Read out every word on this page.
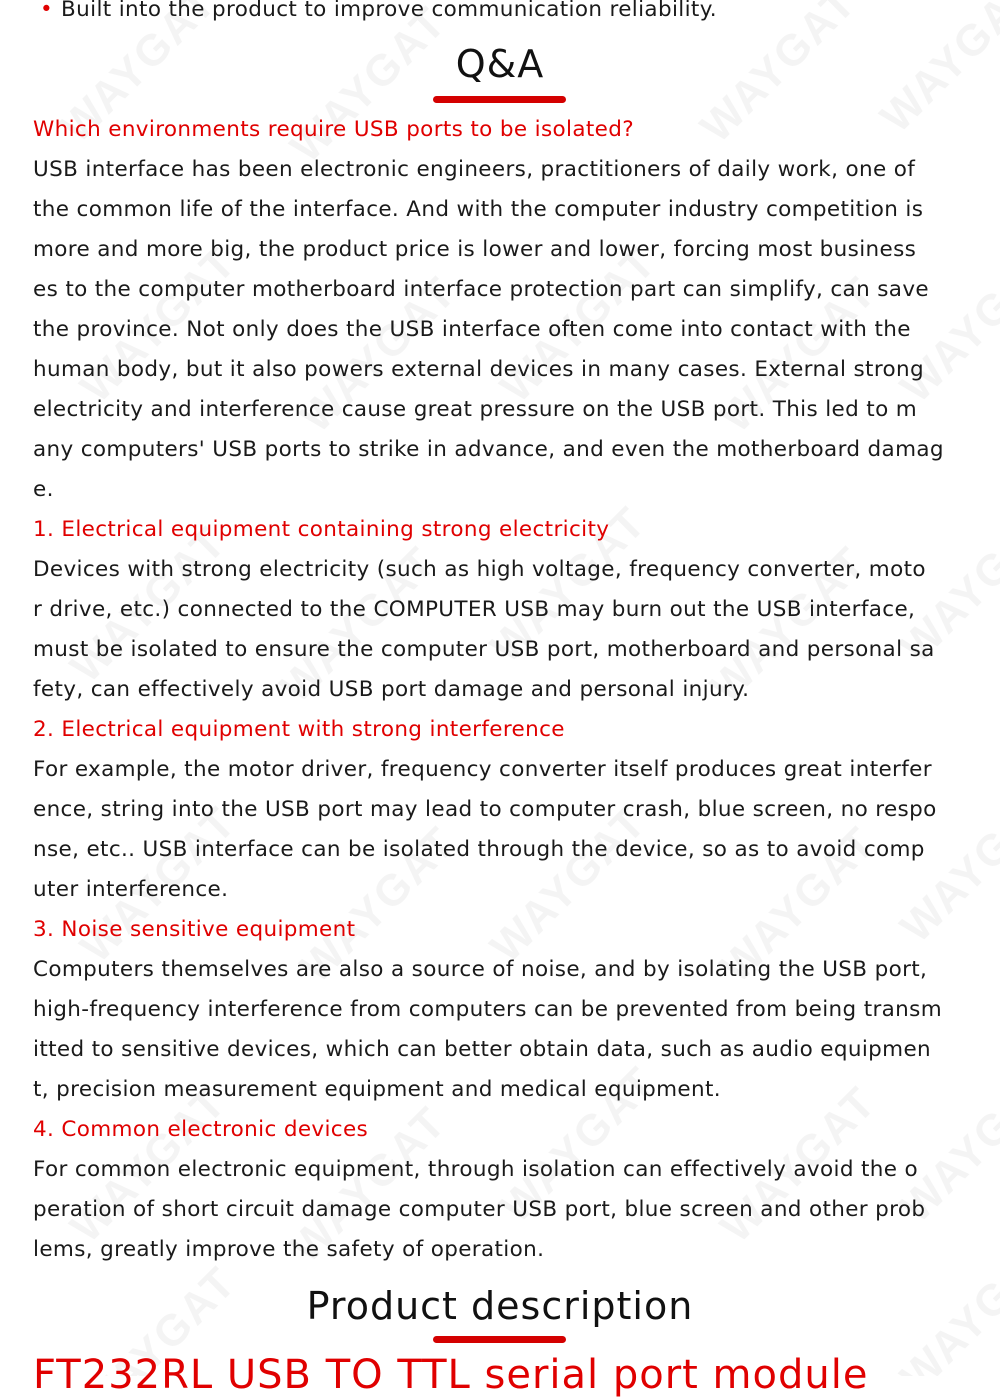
• Built into the product to improve communication reliability.
Q&A
Which environments require USB ports to be isolated?
USB interface has been electronic engineers, practitioners of daily work, one of
the common life of the interface. And with the computer industry competition is
more and more big, the product price is lower and lower, forcing most business
es to the computer motherboard interface protection part can simplify, can save
the province. Not only does the USB interface often come into contact with the
human body, but it also powers external devices in many cases. External strong
electricity and interference cause great pressure on the USB port. This led to m
any computers' USB ports to strike in advance, and even the motherboard damag
e.
1. Electrical equipment containing strong electricity
Devices with strong electricity (such as high voltage, frequency converter, moto
r drive, etc.) connected to the COMPUTER USB may burn out the USB interface,
must be isolated to ensure the computer USB port, motherboard and personal sa
fety, can effectively avoid USB port damage and personal injury.
2. Electrical equipment with strong interference
For example, the motor driver, frequency converter itself produces great interfer
ence, string into the USB port may lead to computer crash, blue screen, no respo
nse, etc.. USB interface can be isolated through the device, so as to avoid comp
uter interference.
3. Noise sensitive equipment
Computers themselves are also a source of noise, and by isolating the USB port,
high-frequency interference from computers can be prevented from being transm
itted to sensitive devices, which can better obtain data, such as audio equipmen
t, precision measurement equipment and medical equipment.
4. Common electronic devices
For common electronic equipment, through isolation can effectively avoid the o
peration of short circuit damage computer USB port, blue screen and other prob
lems, greatly improve the safety of operation.
Product description
FT232RL USB TO TTL serial port module
